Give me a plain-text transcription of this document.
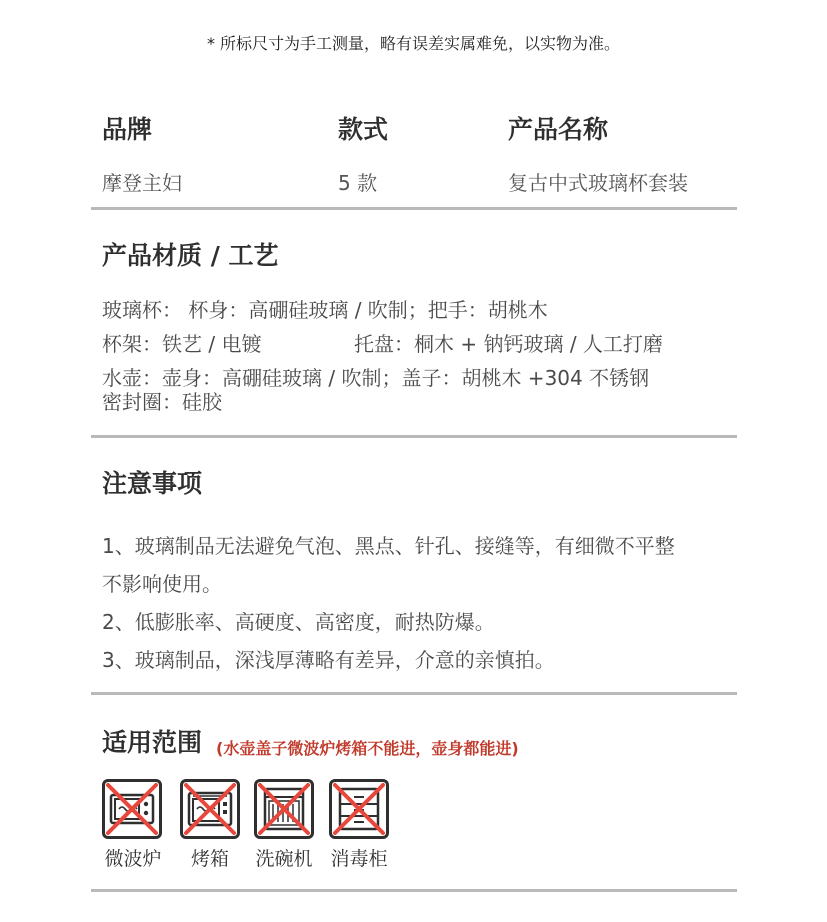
* 所标尺寸为手工测量，略有误差实属难免，以实物为准。
品牌	款式	产品名称
摩登主妇	5 款	复古中式玻璃杯套装
产品材质 / 工艺
玻璃杯： 杯身：高硼硅玻璃 / 吹制；把手：胡桃木
杯架：铁艺 / 电镀	托盘：桐木 + 钠钙玻璃 / 人工打磨
水壶：壶身：高硼硅玻璃 / 吹制；盖子：胡桃木 +304 不锈钢
密封圈：硅胶
注意事项
1、玻璃制品无法避免气泡、黑点、针孔、接缝等，有细微不平整
不影响使用。
2、低膨胀率、高硬度、高密度，耐热防爆。
3、玻璃制品，深浅厚薄略有差异，介意的亲慎拍。
适用范围 (水壶盖子微波炉烤箱不能进，壶身都能进)
微波炉	烤箱	洗碗机 消毒柜
